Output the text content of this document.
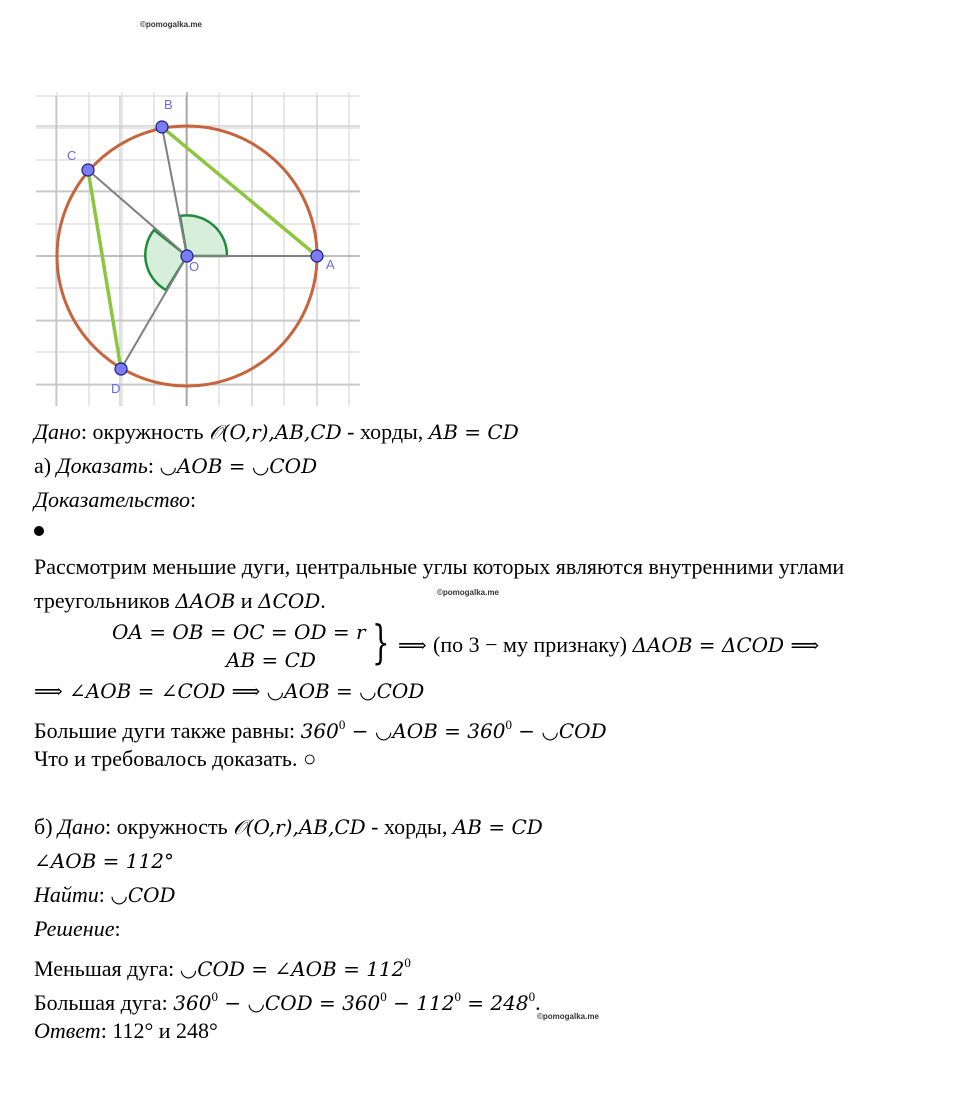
©pomogalka.me
A
B
C
D
O
Дано: окружность 𝒪(O,r),AB,CD - хорды, AB = CD
а) Доказать: ◡AOB = ◡COD
Доказательство:
Рассмотрим меньшие дуги, центральные углы которых являются внутренними углами
треугольников ΔAOB и ΔCOD.	©pomogalka.me
OA = OB = OC = OD = r
AB = CD } ⟹ (по 3 − му признаку) ΔAOB = ΔCOD ⟹
⟹ ∠AOB = ∠COD ⟹ ◡AOB = ◡COD
Большие дуги также равны: $360^0$ − ◡AOB = $360^0$ − ◡COD
Что и требовалось доказать. ○
б) Дано: окружность 𝒪(O,r),AB,CD - хорды, AB = CD
∠AOB = 112°
Найти: ◡COD
Решение:
Меньшая дуга: ◡COD = ∠AOB = $112^0$
Большая дуга: $360^0$ − ◡COD = $360^0 - 112^0 = 248^0$.
©pomogalka.me
Ответ: 112° и 248°
